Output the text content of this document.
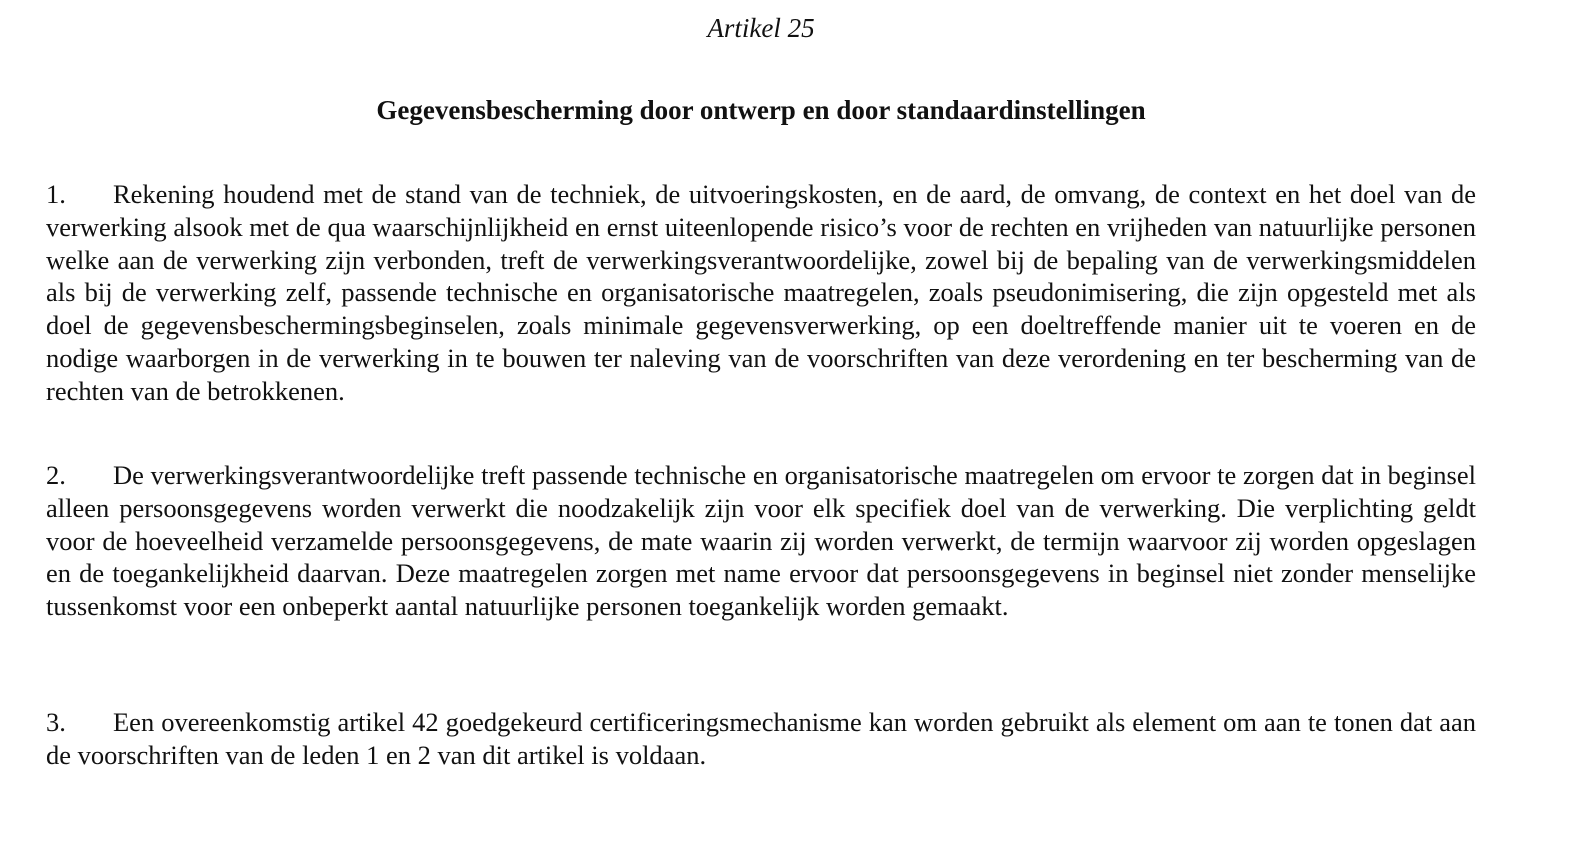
Artikel 25
Gegevensbescherming door ontwerp en door standaardinstellingen

1. Rekening houdend met de stand van de techniek, de uitvoeringskosten, en de aard, de omvang, de context en het doel van de verwerking alsook met de qua waarschijnlijkheid en ernst uiteenlopende risico’s voor de rechten en vrijheden van natuurlijke personen welke aan de verwerking zijn verbonden, treft de verwerkingsverantwoordelijke, zowel bij de bepaling van de verwerkingsmiddelen als bij de verwerking zelf, passende technische en organisatorische maatregelen, zoals pseudonimisering, die zijn opgesteld met als doel de gegevensbeschermingsbeginselen, zoals minimale gegevensverwerking, op een doeltreffende manier uit te voeren en de nodige waarborgen in de verwerking in te bouwen ter naleving van de voorschriften van deze verordening en ter bescherming van de rechten van de betrokkenen.

2. De verwerkingsverantwoordelijke treft passende technische en organisatorische maatregelen om ervoor te zorgen dat in beginsel alleen persoonsgegevens worden verwerkt die noodzakelijk zijn voor elk specifiek doel van de verwerking. Die verplichting geldt voor de hoeveelheid verzamelde persoonsgegevens, de mate waarin zij worden verwerkt, de termijn waarvoor zij worden opgeslagen en de toegankelijkheid daarvan. Deze maatregelen zorgen met name ervoor dat persoonsgegevens in beginsel niet zonder menselijke tussenkomst voor een onbeperkt aantal natuurlijke personen toegankelijk worden gemaakt.

3. Een overeenkomstig artikel 42 goedgekeurd certificeringsmechanisme kan worden gebruikt als element om aan te tonen dat aan de voorschriften van de leden 1 en 2 van dit artikel is voldaan.
